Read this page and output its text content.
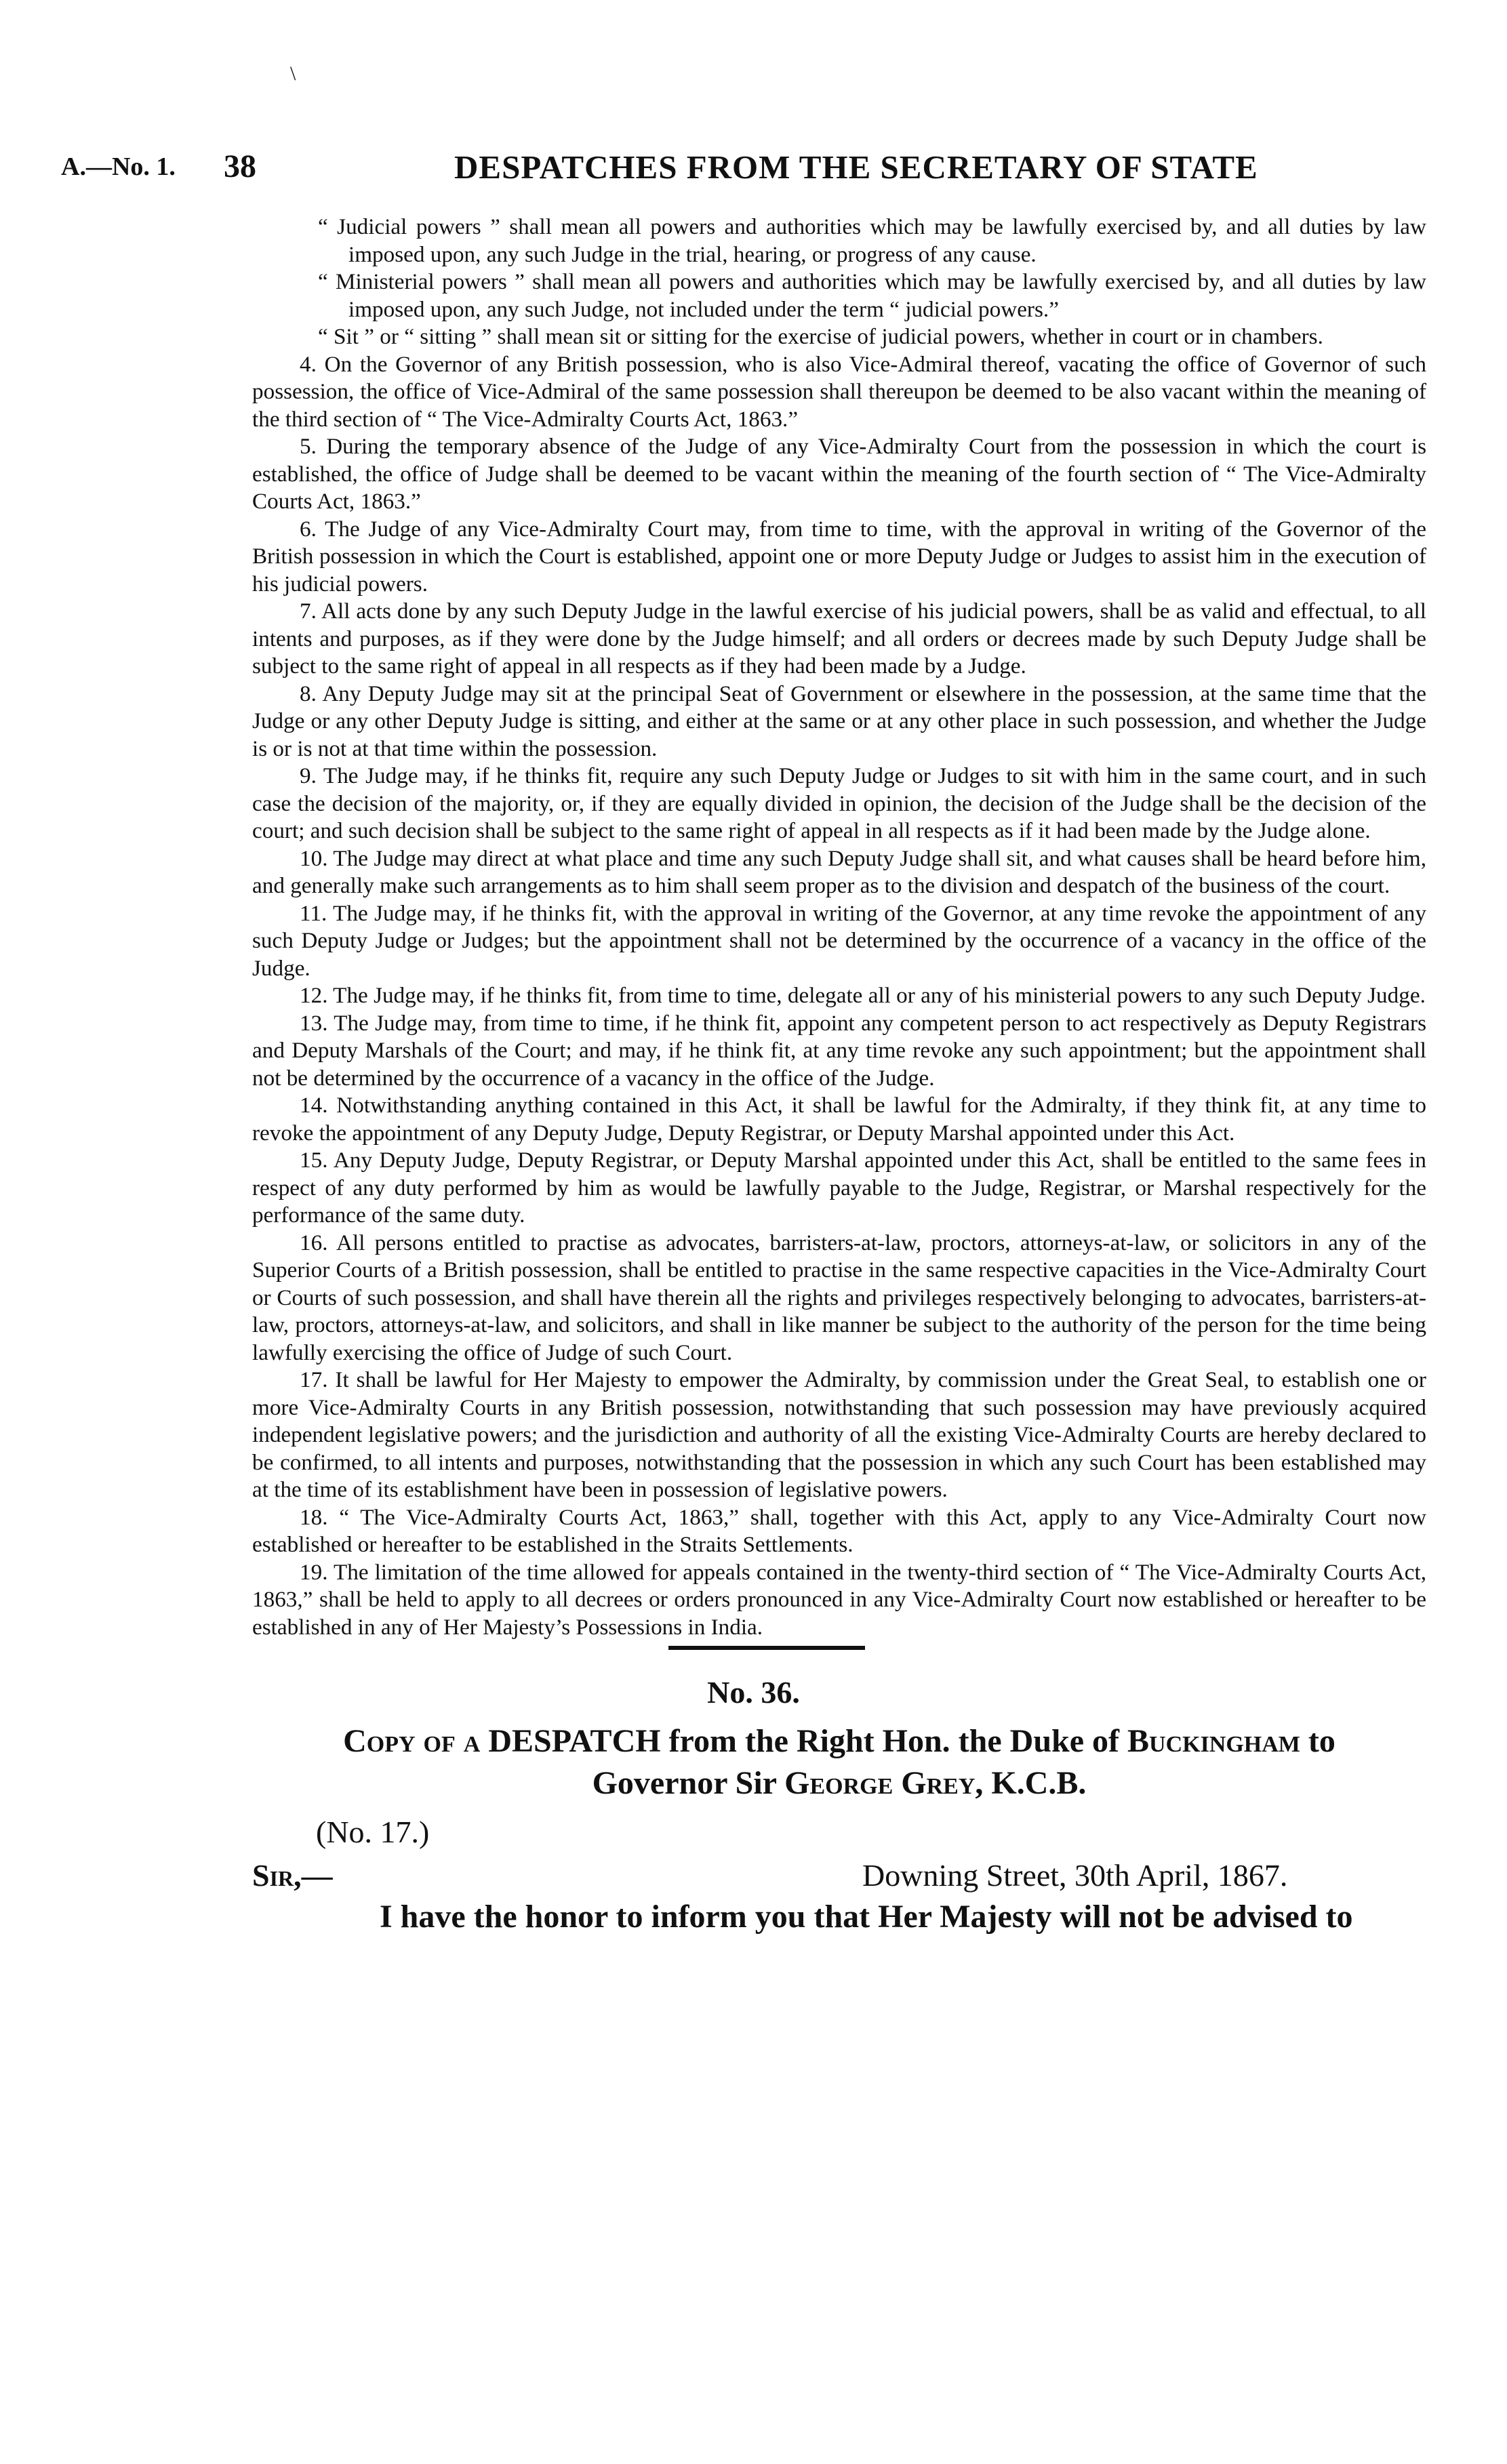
\
A.—No. 1. 38	DESPATCHES FROM THE SECRETARY OF STATE

“ Judicial powers ” shall mean all powers and authorities which may be lawfully exercised by, and all duties by law imposed upon, any such Judge in the trial, hearing, or progress of any cause.

“ Ministerial powers ” shall mean all powers and authorities which may be lawfully exercised by, and all duties by law imposed upon, any such Judge, not included under the term “ judicial powers.”

“ Sit ” or “ sitting ” shall mean sit or sitting for the exercise of judicial powers, whether in court or in chambers.

4. On the Governor of any British possession, who is also Vice-Admiral thereof, vacating the office of Governor of such possession, the office of Vice-Admiral of the same possession shall thereupon be deemed to be also vacant within the meaning of the third section of “ The Vice-Admiralty Courts Act, 1863.”

5. During the temporary absence of the Judge of any Vice-Admiralty Court from the possession in which the court is established, the office of Judge shall be deemed to be vacant within the meaning of the fourth section of “ The Vice-Admiralty Courts Act, 1863.”

6. The Judge of any Vice-Admiralty Court may, from time to time, with the approval in writing of the Governor of the British possession in which the Court is established, appoint one or more Deputy Judge or Judges to assist him in the execution of his judicial powers.

7. All acts done by any such Deputy Judge in the lawful exercise of his judicial powers, shall be as valid and effectual, to all intents and purposes, as if they were done by the Judge himself; and all orders or decrees made by such Deputy Judge shall be subject to the same right of appeal in all respects as if they had been made by a Judge.

8. Any Deputy Judge may sit at the principal Seat of Government or elsewhere in the possession, at the same time that the Judge or any other Deputy Judge is sitting, and either at the same or at any other place in such possession, and whether the Judge is or is not at that time within the possession.

9. The Judge may, if he thinks fit, require any such Deputy Judge or Judges to sit with him in the same court, and in such case the decision of the majority, or, if they are equally divided in opinion, the decision of the Judge shall be the decision of the court; and such decision shall be subject to the same right of appeal in all respects as if it had been made by the Judge alone.

10. The Judge may direct at what place and time any such Deputy Judge shall sit, and what causes shall be heard before him, and generally make such arrangements as to him shall seem proper as to the division and despatch of the business of the court.

11. The Judge may, if he thinks fit, with the approval in writing of the Governor, at any time revoke the appointment of any such Deputy Judge or Judges; but the appointment shall not be determined by the occurrence of a vacancy in the office of the Judge.

12. The Judge may, if he thinks fit, from time to time, delegate all or any of his ministerial powers to any such Deputy Judge.

13. The Judge may, from time to time, if he think fit, appoint any competent person to act respectively as Deputy Registrars and Deputy Marshals of the Court; and may, if he think fit, at any time revoke any such appointment; but the appointment shall not be determined by the occurrence of a vacancy in the office of the Judge.

14. Notwithstanding anything contained in this Act, it shall be lawful for the Admiralty, if they think fit, at any time to revoke the appointment of any Deputy Judge, Deputy Registrar, or Deputy Marshal appointed under this Act.

15. Any Deputy Judge, Deputy Registrar, or Deputy Marshal appointed under this Act, shall be entitled to the same fees in respect of any duty performed by him as would be lawfully payable to the Judge, Registrar, or Marshal respectively for the performance of the same duty.

16. All persons entitled to practise as advocates, barristers-at-law, proctors, attorneys-at-law, or solicitors in any of the Superior Courts of a British possession, shall be entitled to practise in the same respective capacities in the Vice-Admiralty Court or Courts of such possession, and shall have therein all the rights and privileges respectively belonging to advocates, barristers-at-law, proctors, attorneys-at-law, and solicitors, and shall in like manner be subject to the authority of the person for the time being lawfully exercising the office of Judge of such Court.

17. It shall be lawful for Her Majesty to empower the Admiralty, by commission under the Great Seal, to establish one or more Vice-Admiralty Courts in any British possession, notwithstanding that such possession may have previously acquired independent legislative powers; and the jurisdiction and authority of all the existing Vice-Admiralty Courts are hereby declared to be confirmed, to all intents and purposes, notwithstanding that the possession in which any such Court has been established may at the time of its establishment have been in possession of legislative powers.

18. “ The Vice-Admiralty Courts Act, 1863,” shall, together with this Act, apply to any Vice-Admiralty Court now established or hereafter to be established in the Straits Settlements.

19. The limitation of the time allowed for appeals contained in the twenty-third section of “ The Vice-Admiralty Courts Act, 1863,” shall be held to apply to all decrees or orders pronounced in any Vice-Admiralty Court now established or hereafter to be established in any of Her Majesty’s Possessions in India.

No. 36.
Copy of a DESPATCH from the Right Hon. the Duke of Buckingham to
Governor Sir George Grey, K.C.B.
(No. 17.)
Sir,—	Downing Street, 30th April, 1867.
I have the honor to inform you that Her Majesty will not be advised to
